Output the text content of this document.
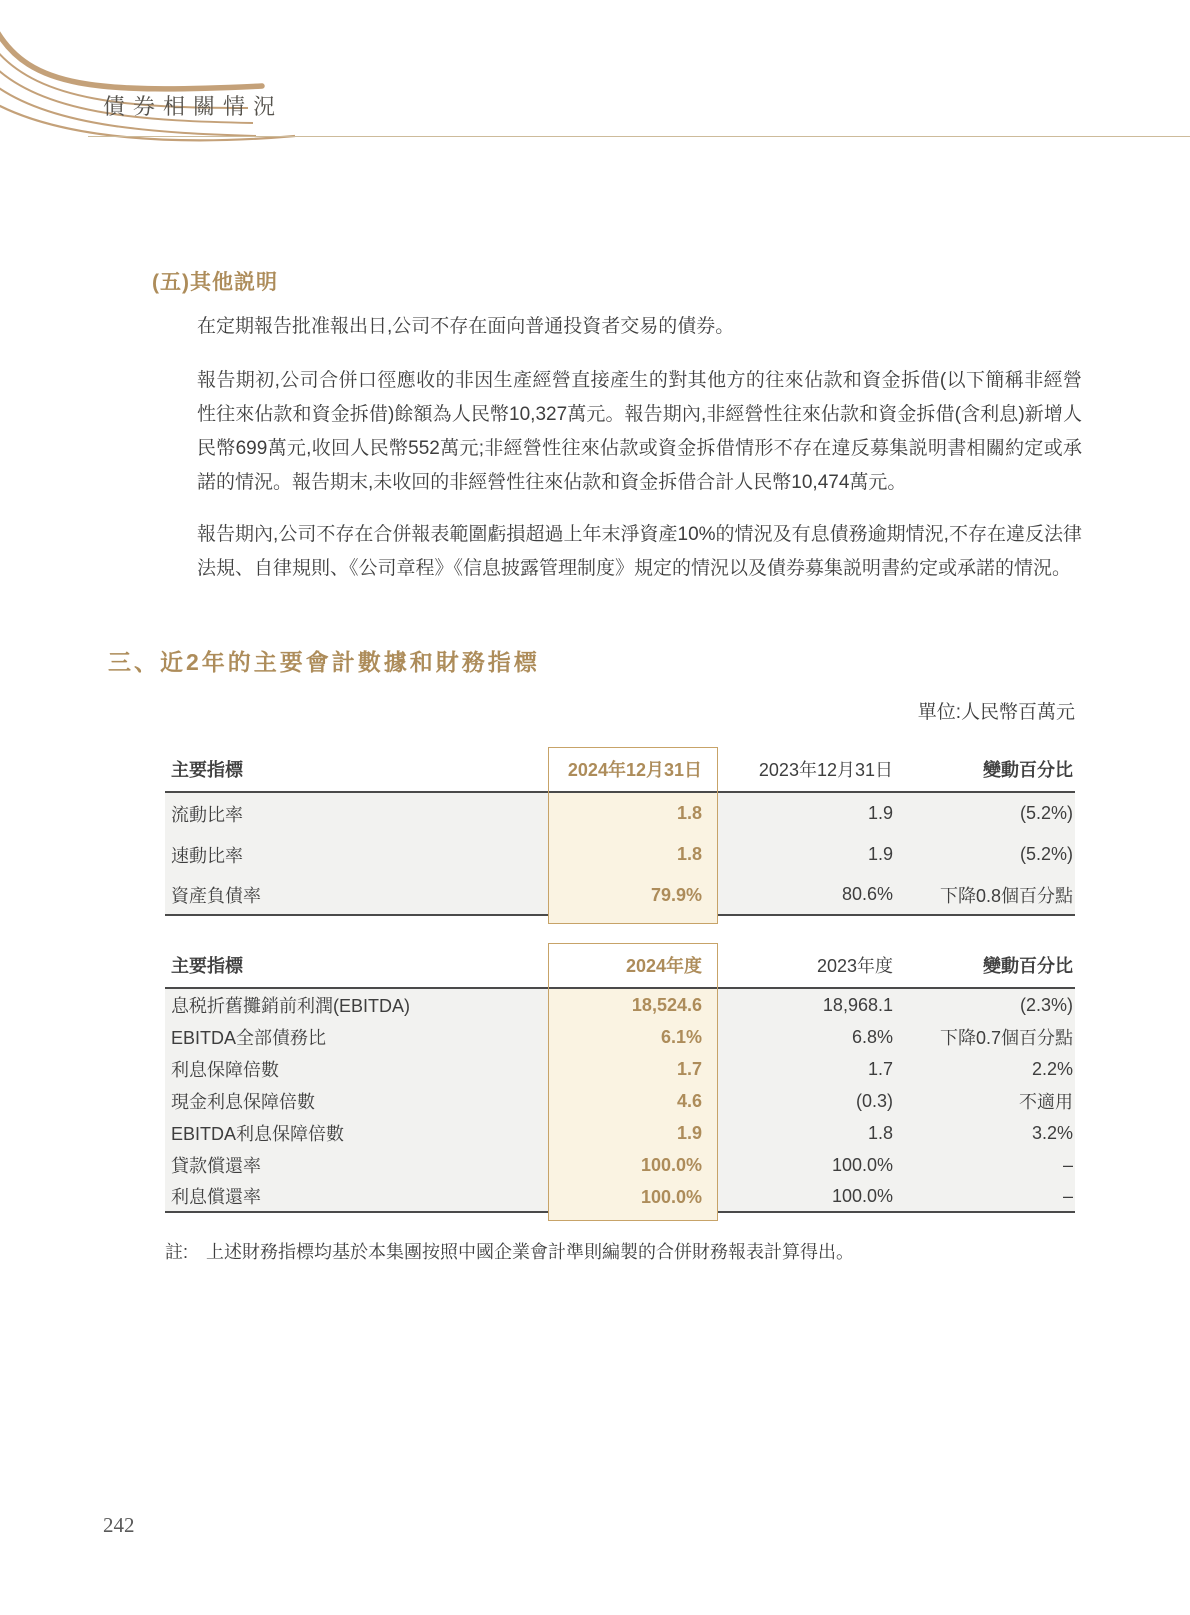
債券相關情況
(五)其他説明
在定期報告批准報出日,公司不存在面向普通投資者交易的債券。
報告期初,公司合併口徑應收的非因生產經營直接產生的對其他方的往來佔款和資金拆借(以下簡稱非經營性往來佔款和資金拆借)餘額為人民幣10,327萬元。報告期內,非經營性往來佔款和資金拆借(含利息)新增人民幣699萬元,收回人民幣552萬元;非經營性往來佔款或資金拆借情形不存在違反募集説明書相關約定或承諾的情況。報告期末,未收回的非經營性往來佔款和資金拆借合計人民幣10,474萬元。
報告期內,公司不存在合併報表範圍虧損超過上年末淨資產10%的情況及有息債務逾期情況,不存在違反法律法規、自律規則、《公司章程》《信息披露管理制度》規定的情況以及債券募集説明書約定或承諾的情況。
三、近2年的主要會計數據和財務指標
單位:人民幣百萬元
主要指標	2024年12月31日	2023年12月31日	變動百分比
流動比率	1.8	1.9	(5.2%)
速動比率	1.8	1.9	(5.2%)
資產負債率	79.9%	80.6%	下降0.8個百分點
主要指標	2024年度	2023年度	變動百分比
息税折舊攤銷前利潤(EBITDA)	18,524.6	18,968.1	(2.3%)
EBITDA全部債務比	6.1%	6.8%	下降0.7個百分點
利息保障倍數	1.7	1.7	2.2%
現金利息保障倍數	4.6	(0.3)	不適用
EBITDA利息保障倍數	1.9	1.8	3.2%
貸款償還率	100.0%	100.0%	–
利息償還率	100.0%	100.0%	–
註: 上述財務指標均基於本集團按照中國企業會計準則編製的合併財務報表計算得出。
242
